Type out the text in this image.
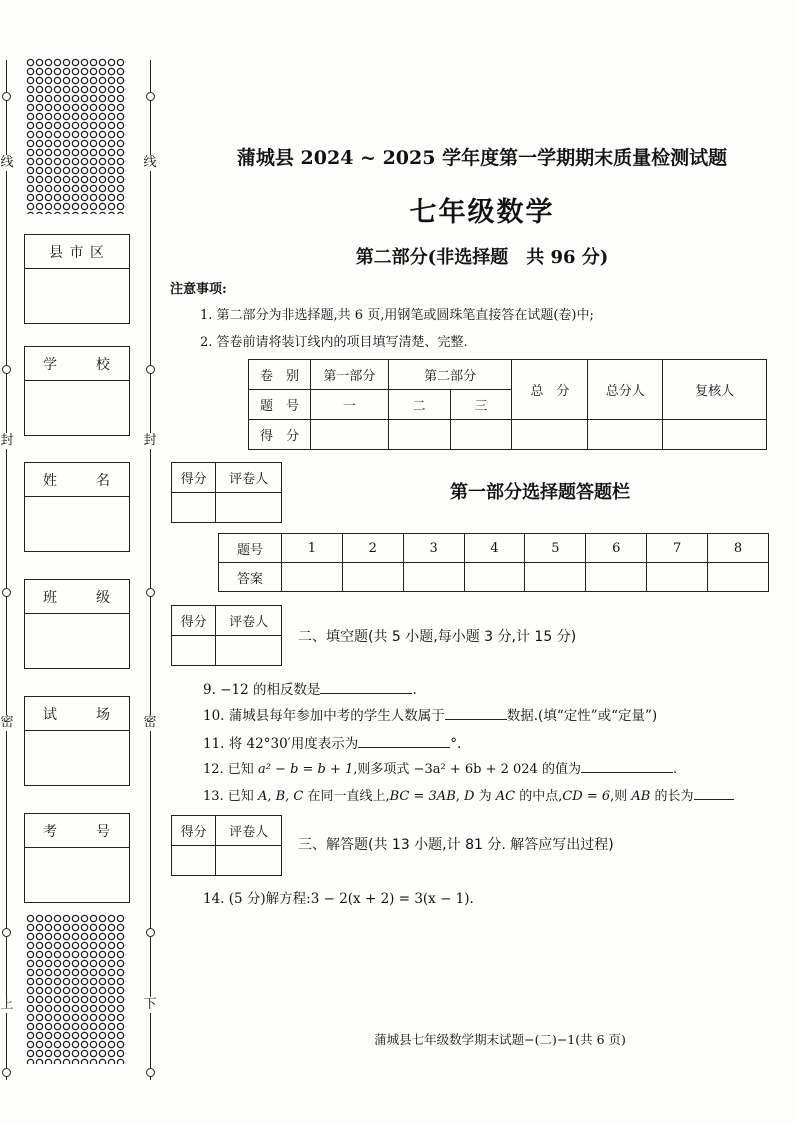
线	线
封	封
密	密
上	下
县 市 区
学	校
姓	名
班	级
试	场
考	号
蒲城县 2024 ~ 2025 学年度第一学期期末质量检测试题
七年级数学
第二部分(非选择题　共 96 分)
注意事项:
1. 第二部分为非选择题,共 6 页,用钢笔或圆珠笔直接答在试题(卷)中;
2. 答卷前请将装订线内的项目填写清楚、完整.
卷　别	第一部分	第二部分		总　分	总分人	复核人
题　号	一	二	三			
得　分						
得分	评卷人

第一部分选择题答题栏
题号	1	2	3	4	5	6	7	8
答案								
得分	评卷人

二、填空题(共 5 小题,每小题 3 分,计 15 分)
9. −12 的相反数是	.
10. 蒲城县每年参加中考的学生人数属于	数据.(填“定性”或“定量”)
11. 将 42°30′用度表示为	°.
12. 已知 a² − b = b + 1,则多项式 −3a² + 6b + 2 024 的值为	.
13. 已知 A, B, C 在同一直线上,BC = 3AB, D 为 AC 的中点,CD = 6,则 AB 的长为
得分	评卷人

三、解答题(共 13 小题,计 81 分. 解答应写出过程)
14. (5 分)解方程:3 − 2(x + 2) = 3(x − 1).
蒲城县七年级数学期末试题−(二)−1(共 6 页)
